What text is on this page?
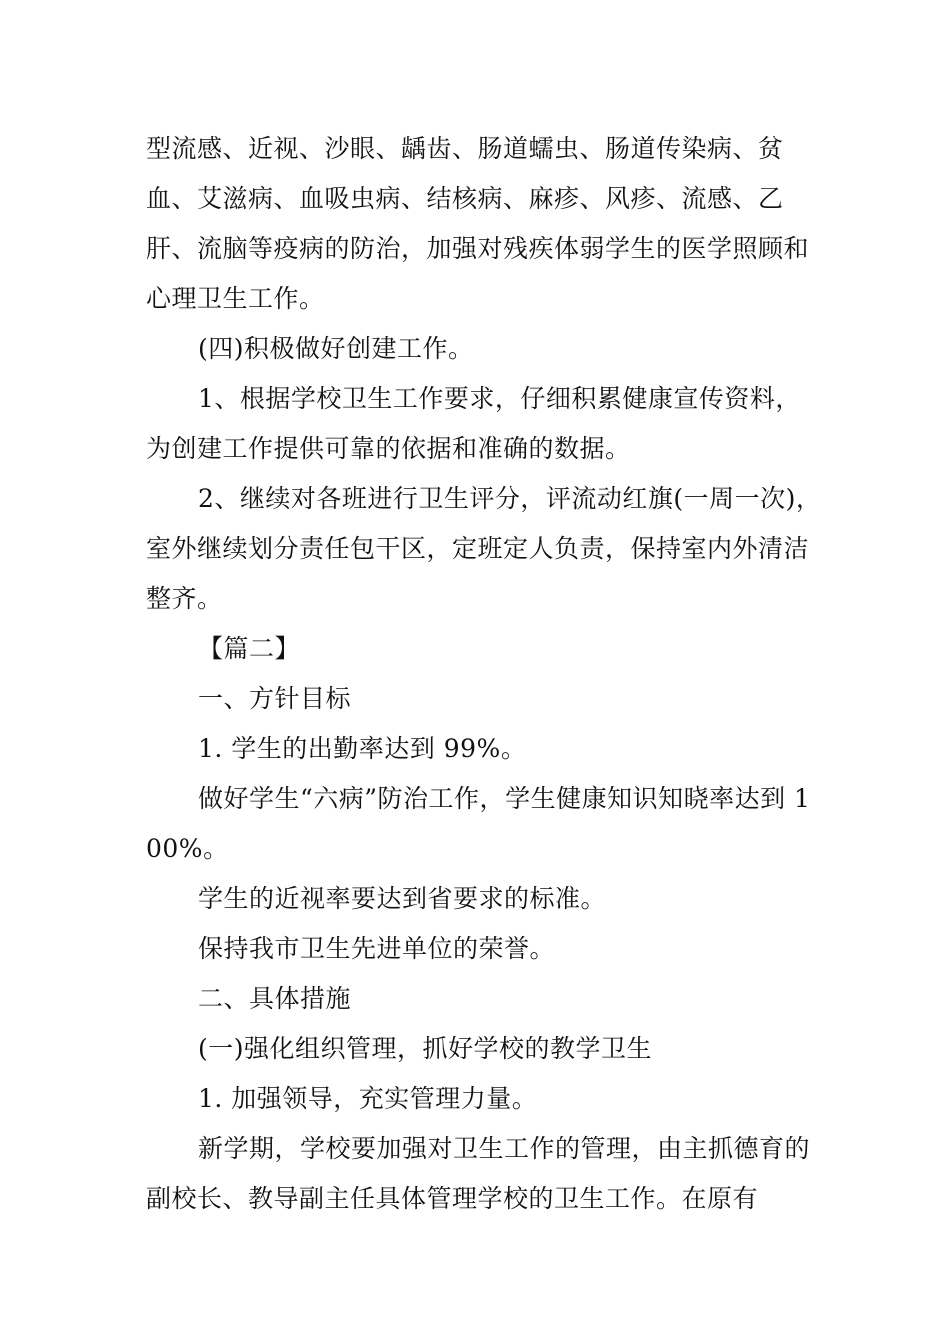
型流感、近视、沙眼、龋齿、肠道蠕虫、肠道传染病、贫血、艾滋病、血吸虫病、结核病、麻疹、风疹、流感、乙肝、流脑等疫病的防治，加强对残疾体弱学生的医学照顾和心理卫生工作。

(四)积极做好创建工作。

1、根据学校卫生工作要求，仔细积累健康宣传资料，为创建工作提供可靠的依据和准确的数据。

2、继续对各班进行卫生评分，评流动红旗(一周一次)，室外继续划分责任包干区，定班定人负责，保持室内外清洁整齐。

【篇二】

一、方针目标

1. 学生的出勤率达到 99%。

做好学生“六病”防治工作，学生健康知识知晓率达到 100%。

学生的近视率要达到省要求的标准。

保持我市卫生先进单位的荣誉。

二、具体措施

(一)强化组织管理，抓好学校的教学卫生

1. 加强领导，充实管理力量。

新学期，学校要加强对卫生工作的管理，由主抓德育的副校长、教导副主任具体管理学校的卫生工作。在原有
